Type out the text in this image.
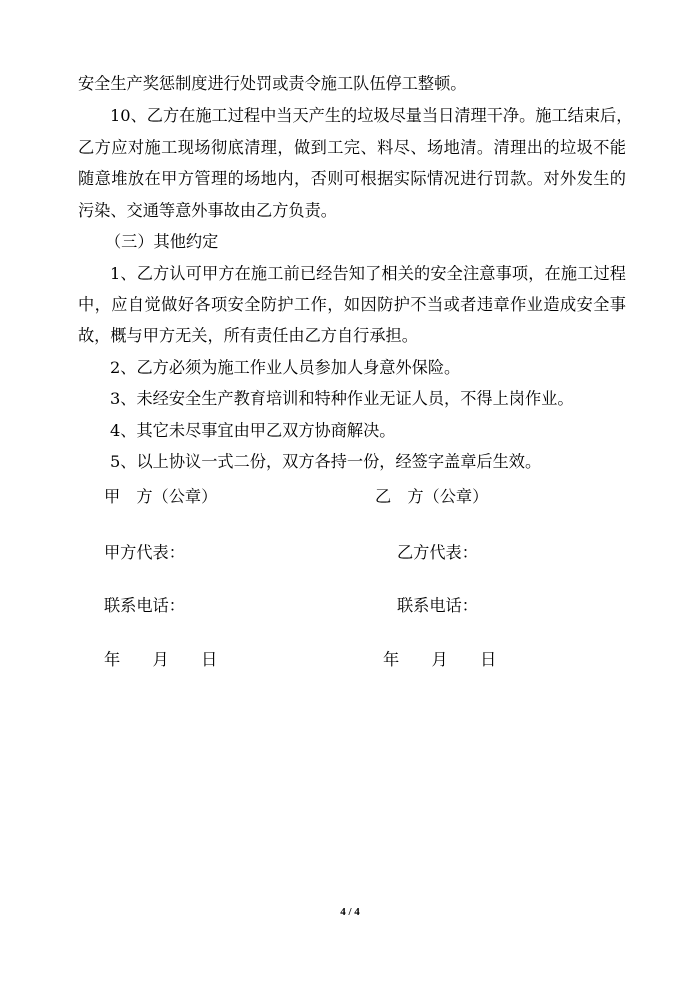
安全生产奖惩制度进行处罚或责令施工队伍停工整顿。
10、乙方在施工过程中当天产生的垃圾尽量当日清理干净。施工结束后，
乙方应对施工现场彻底清理，做到工完、料尽、场地清。清理出的垃圾不能
随意堆放在甲方管理的场地内，否则可根据实际情况进行罚款。对外发生的
污染、交通等意外事故由乙方负责。
（三）其他约定
1、乙方认可甲方在施工前已经告知了相关的安全注意事项，在施工过程
中，应自觉做好各项安全防护工作，如因防护不当或者违章作业造成安全事
故，概与甲方无关，所有责任由乙方自行承担。
2、乙方必须为施工作业人员参加人身意外保险。
3、未经安全生产教育培训和特种作业无证人员，不得上岗作业。
4、其它未尽事宜由甲乙双方协商解决。
5、以上协议一式二份，双方各持一份，经签字盖章后生效。
甲　方（公章）	乙　方（公章）
甲方代表：	乙方代表：
联系电话：	联系电话：
年　　月　　日	年　　月　　日
4 / 4
